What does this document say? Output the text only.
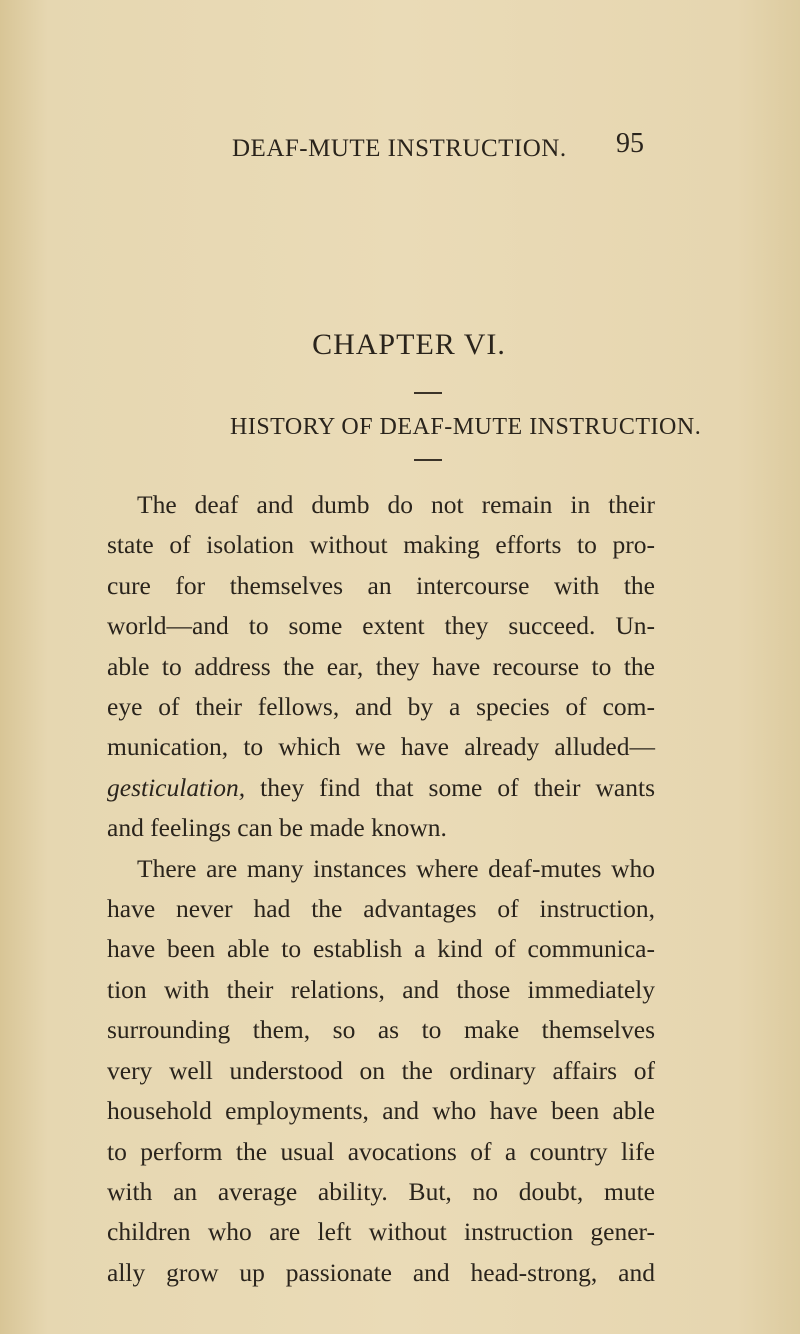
DEAF-MUTE INSTRUCTION. 95
CHAPTER VI.
HISTORY OF DEAF-MUTE INSTRUCTION.
The deaf and dumb do not remain in their
state of isolation without making efforts to pro-
cure for themselves an intercourse with the
world—and to some extent they succeed. Un-
able to address the ear, they have recourse to the
eye of their fellows, and by a species of com-
munication, to which we have already alluded—
gesticulation, they find that some of their wants
and feelings can be made known.
There are many instances where deaf-mutes who
have never had the advantages of instruction,
have been able to establish a kind of communica-
tion with their relations, and those immediately
surrounding them, so as to make themselves
very well understood on the ordinary affairs of
household employments, and who have been able
to perform the usual avocations of a country life
with an average ability. But, no doubt, mute
children who are left without instruction gener-
ally grow up passionate and head-strong, and
